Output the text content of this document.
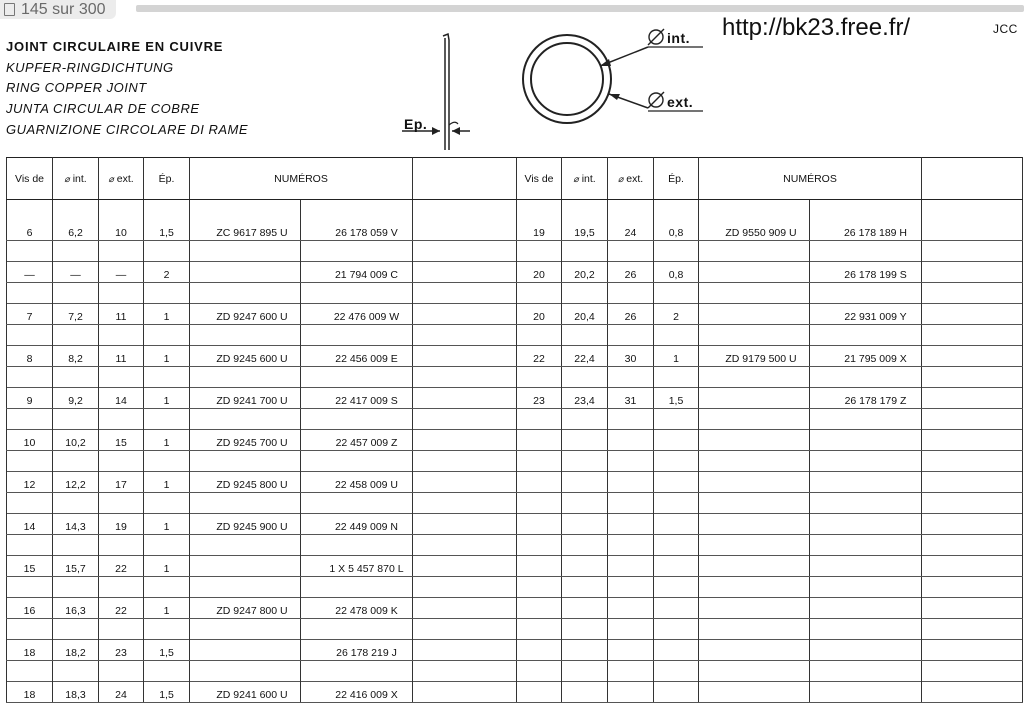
145 sur 300
JOINT CIRCULAIRE EN CUIVRE
KUPFER-RINGDICHTUNG
RING COPPER JOINT
JUNTA CIRCULAR DE COBRE
GUARNIZIONE CIRCOLARE DI RAME
http://bk23.free.fr/	JCC
Ep.
int.
ext.
Vis de	⌀ int.	⌀ ext.	Ép.	NUMÉROS		
6	6,2	10	1,5	ZC 9617 895 U	26 178 059 V	

—	—	—	2		21 794 009 C	

7	7,2	11	1	ZD 9247 600 U	22 476 009 W	

8	8,2	11	1	ZD 9245 600 U	22 456 009 E	

9	9,2	14	1	ZD 9241 700 U	22 417 009 S	

10	10,2	15	1	ZD 9245 700 U	22 457 009 Z	

12	12,2	17	1	ZD 9245 800 U	22 458 009 U	

14	14,3	19	1	ZD 9245 900 U	22 449 009 N	

15	15,7	22	1		1 X 5 457 870 L	

16	16,3	22	1	ZD 9247 800 U	22 478 009 K	

18	18,2	23	1,5		26 178 219 J	

18	18,3	24	1,5	ZD 9241 600 U	22 416 009 X	
Vis de	⌀ int.	⌀ ext.	Ép.	NUMÉROS		
19	19,5	24	0,8	ZD 9550 909 U	26 178 189 H	

20	20,2	26	0,8		26 178 199 S	

20	20,4	26	2		22 931 009 Y	

22	22,4	30	1	ZD 9179 500 U	21 795 009 X	

23	23,4	31	1,5		26 178 179 Z	
